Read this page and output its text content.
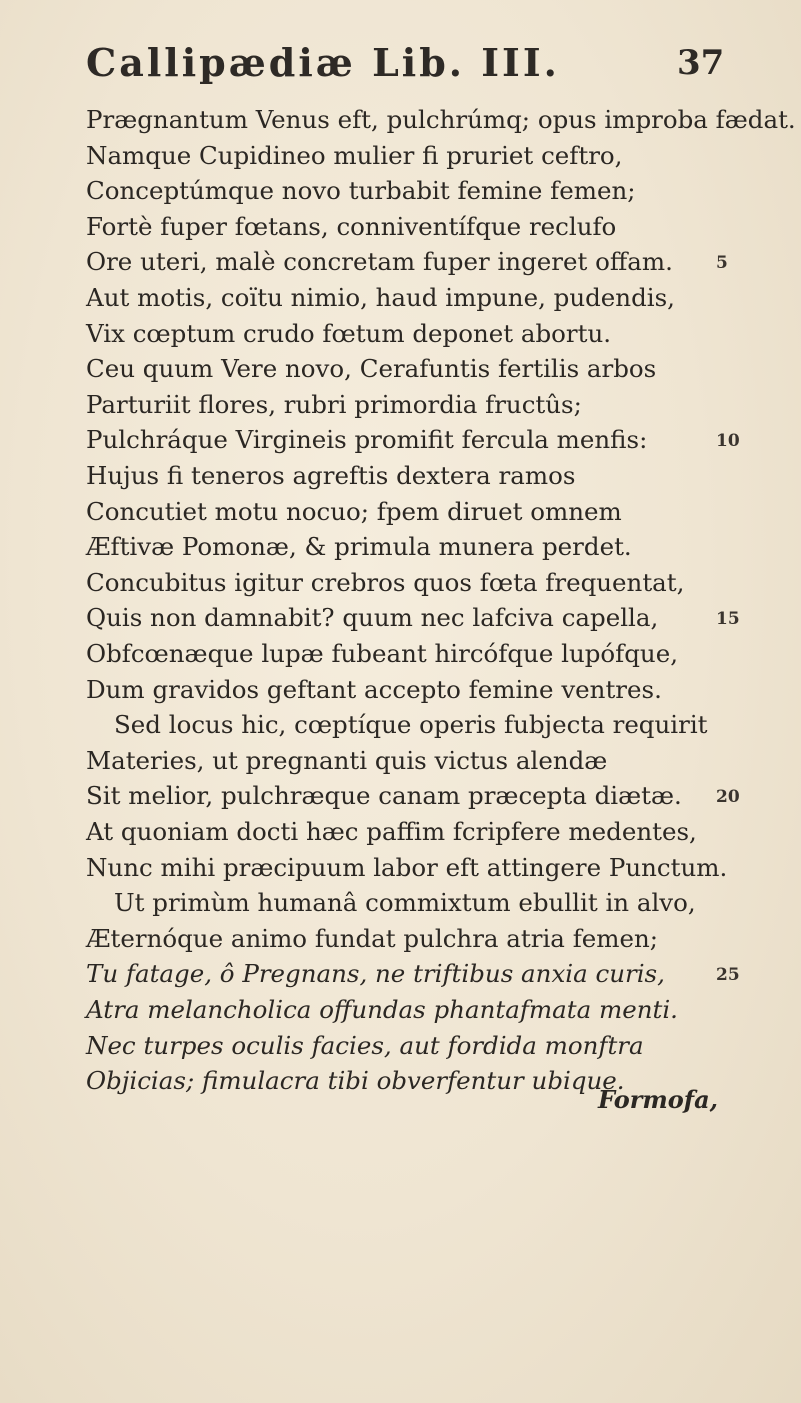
Callipædiæ Lib. III.	37
Prægnantum Venus eft, pulchrúmq; opus improba fædat.
Namque Cupidineo mulier fi pruriet ceftro,
Conceptúmque novo turbabit femine femen;
Fortè fuper fœtans, conniventífque reclufo
Ore uteri, malè concretam fuper ingeret offam.	5
Aut motis, coïtu nimio, haud impune, pudendis,
Vix cœptum crudo fœtum deponet abortu.
Ceu quum Vere novo, Cerafuntis fertilis arbos
Parturiit flores, rubri primordia fructûs;
Pulchráque Virgineis promifit fercula menfis:	10
Hujus fi teneros agreftis dextera ramos
Concutiet motu nocuo; fpem diruet omnem
Æftivæ Pomonæ, & primula munera perdet.
Concubitus igitur crebros quos fœta frequentat,
Quis non damnabit? quum nec lafciva capella,	15
Obfcœnæque lupæ fubeant hircófque lupófque,
Dum gravidos geftant accepto femine ventres.
Sed locus hic, cœptíque operis fubjecta requirit
Materies, ut pregnanti quis victus alendæ
Sit melior, pulchræque canam præcepta diætæ. 20
At quoniam docti hæc paffim fcripfere medentes,
Nunc mihi præcipuum labor eft attingere Punctum.
Ut primùm humanâ commixtum ebullit in alvo,
Æternóque animo fundat pulchra atria femen;
Tu fatage, ô Pregnans, ne triftibus anxia curis,	25
Atra melancholica offundas phantafmata menti.
Nec turpes oculis facies, aut fordida monftra
Objicias; fimulacra tibi obverfentur ubique.
Formofa,
